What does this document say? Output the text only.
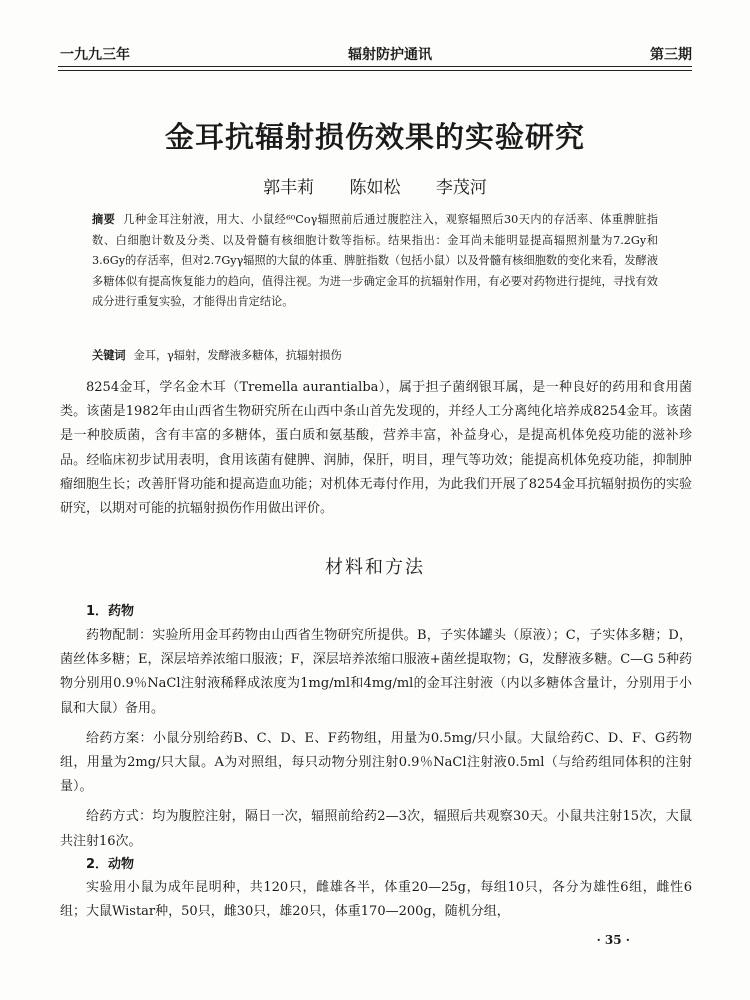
一九九三年	辐射防护通讯	第三期
金耳抗辐射损伤效果的实验研究
郭丰莉 陈如松 李茂河
摘要 几种金耳注射液，用大、小鼠经⁶⁰Coγ辐照前后通过腹腔注入，观察辐照后30天内的存活率、体重脾脏指数、白细胞计数及分类、以及骨髓有核细胞计数等指标。结果指出：金耳尚未能明显提高辐照剂量为7.2Gy和3.6Gy的存活率，但对2.7Gyγ辐照的大鼠的体重、脾脏指数（包括小鼠）以及骨髓有核细胞数的变化来看，发酵液多糖体似有提高恢复能力的趋向，值得注视。为进一步确定金耳的抗辐射作用，有必要对药物进行提纯，寻找有效成分进行重复实验，才能得出肯定结论。
关键词 金耳，γ辐射，发酵液多糖体，抗辐射损伤

8254金耳，学名金木耳（Tremella aurantialba），属于担子菌纲银耳属，是一种良好的药用和食用菌类。该菌是1982年由山西省生物研究所在山西中条山首先发现的，并经人工分离纯化培养成8254金耳。该菌是一种胶质菌，含有丰富的多糖体，蛋白质和氨基酸，营养丰富，补益身心，是提高机体免疫功能的滋补珍品。经临床初步试用表明，食用该菌有健脾、润肺，保肝，明目，理气等功效；能提高机体免疫功能，抑制肿瘤细胞生长；改善肝肾功能和提高造血功能；对机体无毒付作用，为此我们开展了8254金耳抗辐射损伤的实验研究，以期对可能的抗辐射损伤作用做出评价。

材料和方法
1．药物

药物配制：实验所用金耳药物由山西省生物研究所提供。B，子实体罐头（原液）；C，子实体多糖；D，菌丝体多糖；E，深层培养浓缩口服液；F，深层培养浓缩口服液+菌丝提取物；G，发酵液多糖。C—G 5种药物分别用0.9％NaCl注射液稀释成浓度为1mg/ml和4mg/ml的金耳注射液（内以多糖体含量计，分别用于小鼠和大鼠）备用。

给药方案：小鼠分别给药B、C、D、E、F药物组，用量为0.5mg/只小鼠。大鼠给药C、D、F、G药物组，用量为2mg/只大鼠。A为对照组，每只动物分别注射0.9％NaCl注射液0.5ml（与给药组同体积的注射量）。

给药方式：均为腹腔注射，隔日一次，辐照前给药2—3次，辐照后共观察30天。小鼠共注射15次，大鼠共注射16次。

2．动物

实验用小鼠为成年昆明种，共120只，雌雄各半，体重20—25g，每组10只，各分为雄性6组，雌性6组；大鼠Wistar种，50只，雌30只，雄20只，体重170—200g，随机分组，

· 35 ·
